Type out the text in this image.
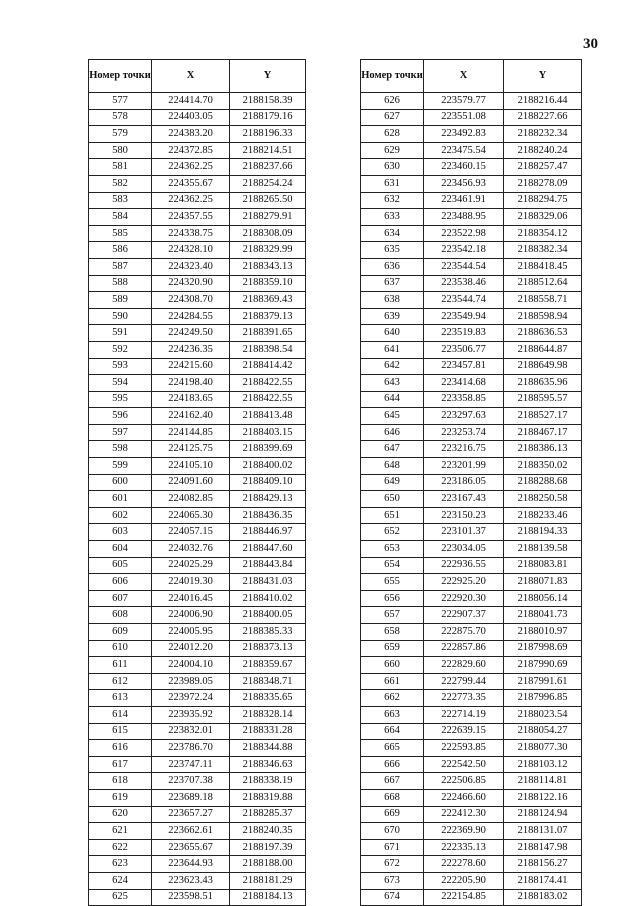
30
Номер точки	X	Y
577	224414.70	2188158.39
578	224403.05	2188179.16
579	224383.20	2188196.33
580	224372.85	2188214.51
581	224362.25	2188237.66
582	224355.67	2188254.24
583	224362.25	2188265.50
584	224357.55	2188279.91
585	224338.75	2188308.09
586	224328.10	2188329.99
587	224323.40	2188343.13
588	224320.90	2188359.10
589	224308.70	2188369.43
590	224284.55	2188379.13
591	224249.50	2188391.65
592	224236.35	2188398.54
593	224215.60	2188414.42
594	224198.40	2188422.55
595	224183.65	2188422.55
596	224162.40	2188413.48
597	224144.85	2188403.15
598	224125.75	2188399.69
599	224105.10	2188400.02
600	224091.60	2188409.10
601	224082.85	2188429.13
602	224065.30	2188436.35
603	224057.15	2188446.97
604	224032.76	2188447.60
605	224025.29	2188443.84
606	224019.30	2188431.03
607	224016.45	2188410.02
608	224006.90	2188400.05
609	224005.95	2188385.33
610	224012.20	2188373.13
611	224004.10	2188359.67
612	223989.05	2188348.71
613	223972.24	2188335.65
614	223935.92	2188328.14
615	223832.01	2188331.28
616	223786.70	2188344.88
617	223747.11	2188346.63
618	223707.38	2188338.19
619	223689.18	2188319.88
620	223657.27	2188285.37
621	223662.61	2188240.35
622	223655.67	2188197.39
623	223644.93	2188188.00
624	223623.43	2188181.29
625	223598.51	2188184.13
Номер точки	X	Y
626	223579.77	2188216.44
627	223551.08	2188227.66
628	223492.83	2188232.34
629	223475.54	2188240.24
630	223460.15	2188257.47
631	223456.93	2188278.09
632	223461.91	2188294.75
633	223488.95	2188329.06
634	223522.98	2188354.12
635	223542.18	2188382.34
636	223544.54	2188418.45
637	223538.46	2188512.64
638	223544.74	2188558.71
639	223549.94	2188598.94
640	223519.83	2188636.53
641	223506.77	2188644.87
642	223457.81	2188649.98
643	223414.68	2188635.96
644	223358.85	2188595.57
645	223297.63	2188527.17
646	223253.74	2188467.17
647	223216.75	2188386.13
648	223201.99	2188350.02
649	223186.05	2188288.68
650	223167.43	2188250.58
651	223150.23	2188233.46
652	223101.37	2188194.33
653	223034.05	2188139.58
654	222936.55	2188083.81
655	222925.20	2188071.83
656	222920.30	2188056.14
657	222907.37	2188041.73
658	222875.70	2188010.97
659	222857.86	2187998.69
660	222829.60	2187990.69
661	222799.44	2187991.61
662	222773.35	2187996.85
663	222714.19	2188023.54
664	222639.15	2188054.27
665	222593.85	2188077.30
666	222542.50	2188103.12
667	222506.85	2188114.81
668	222466.60	2188122.16
669	222412.30	2188124.94
670	222369.90	2188131.07
671	222335.13	2188147.98
672	222278.60	2188156.27
673	222205.90	2188174.41
674	222154.85	2188183.02
